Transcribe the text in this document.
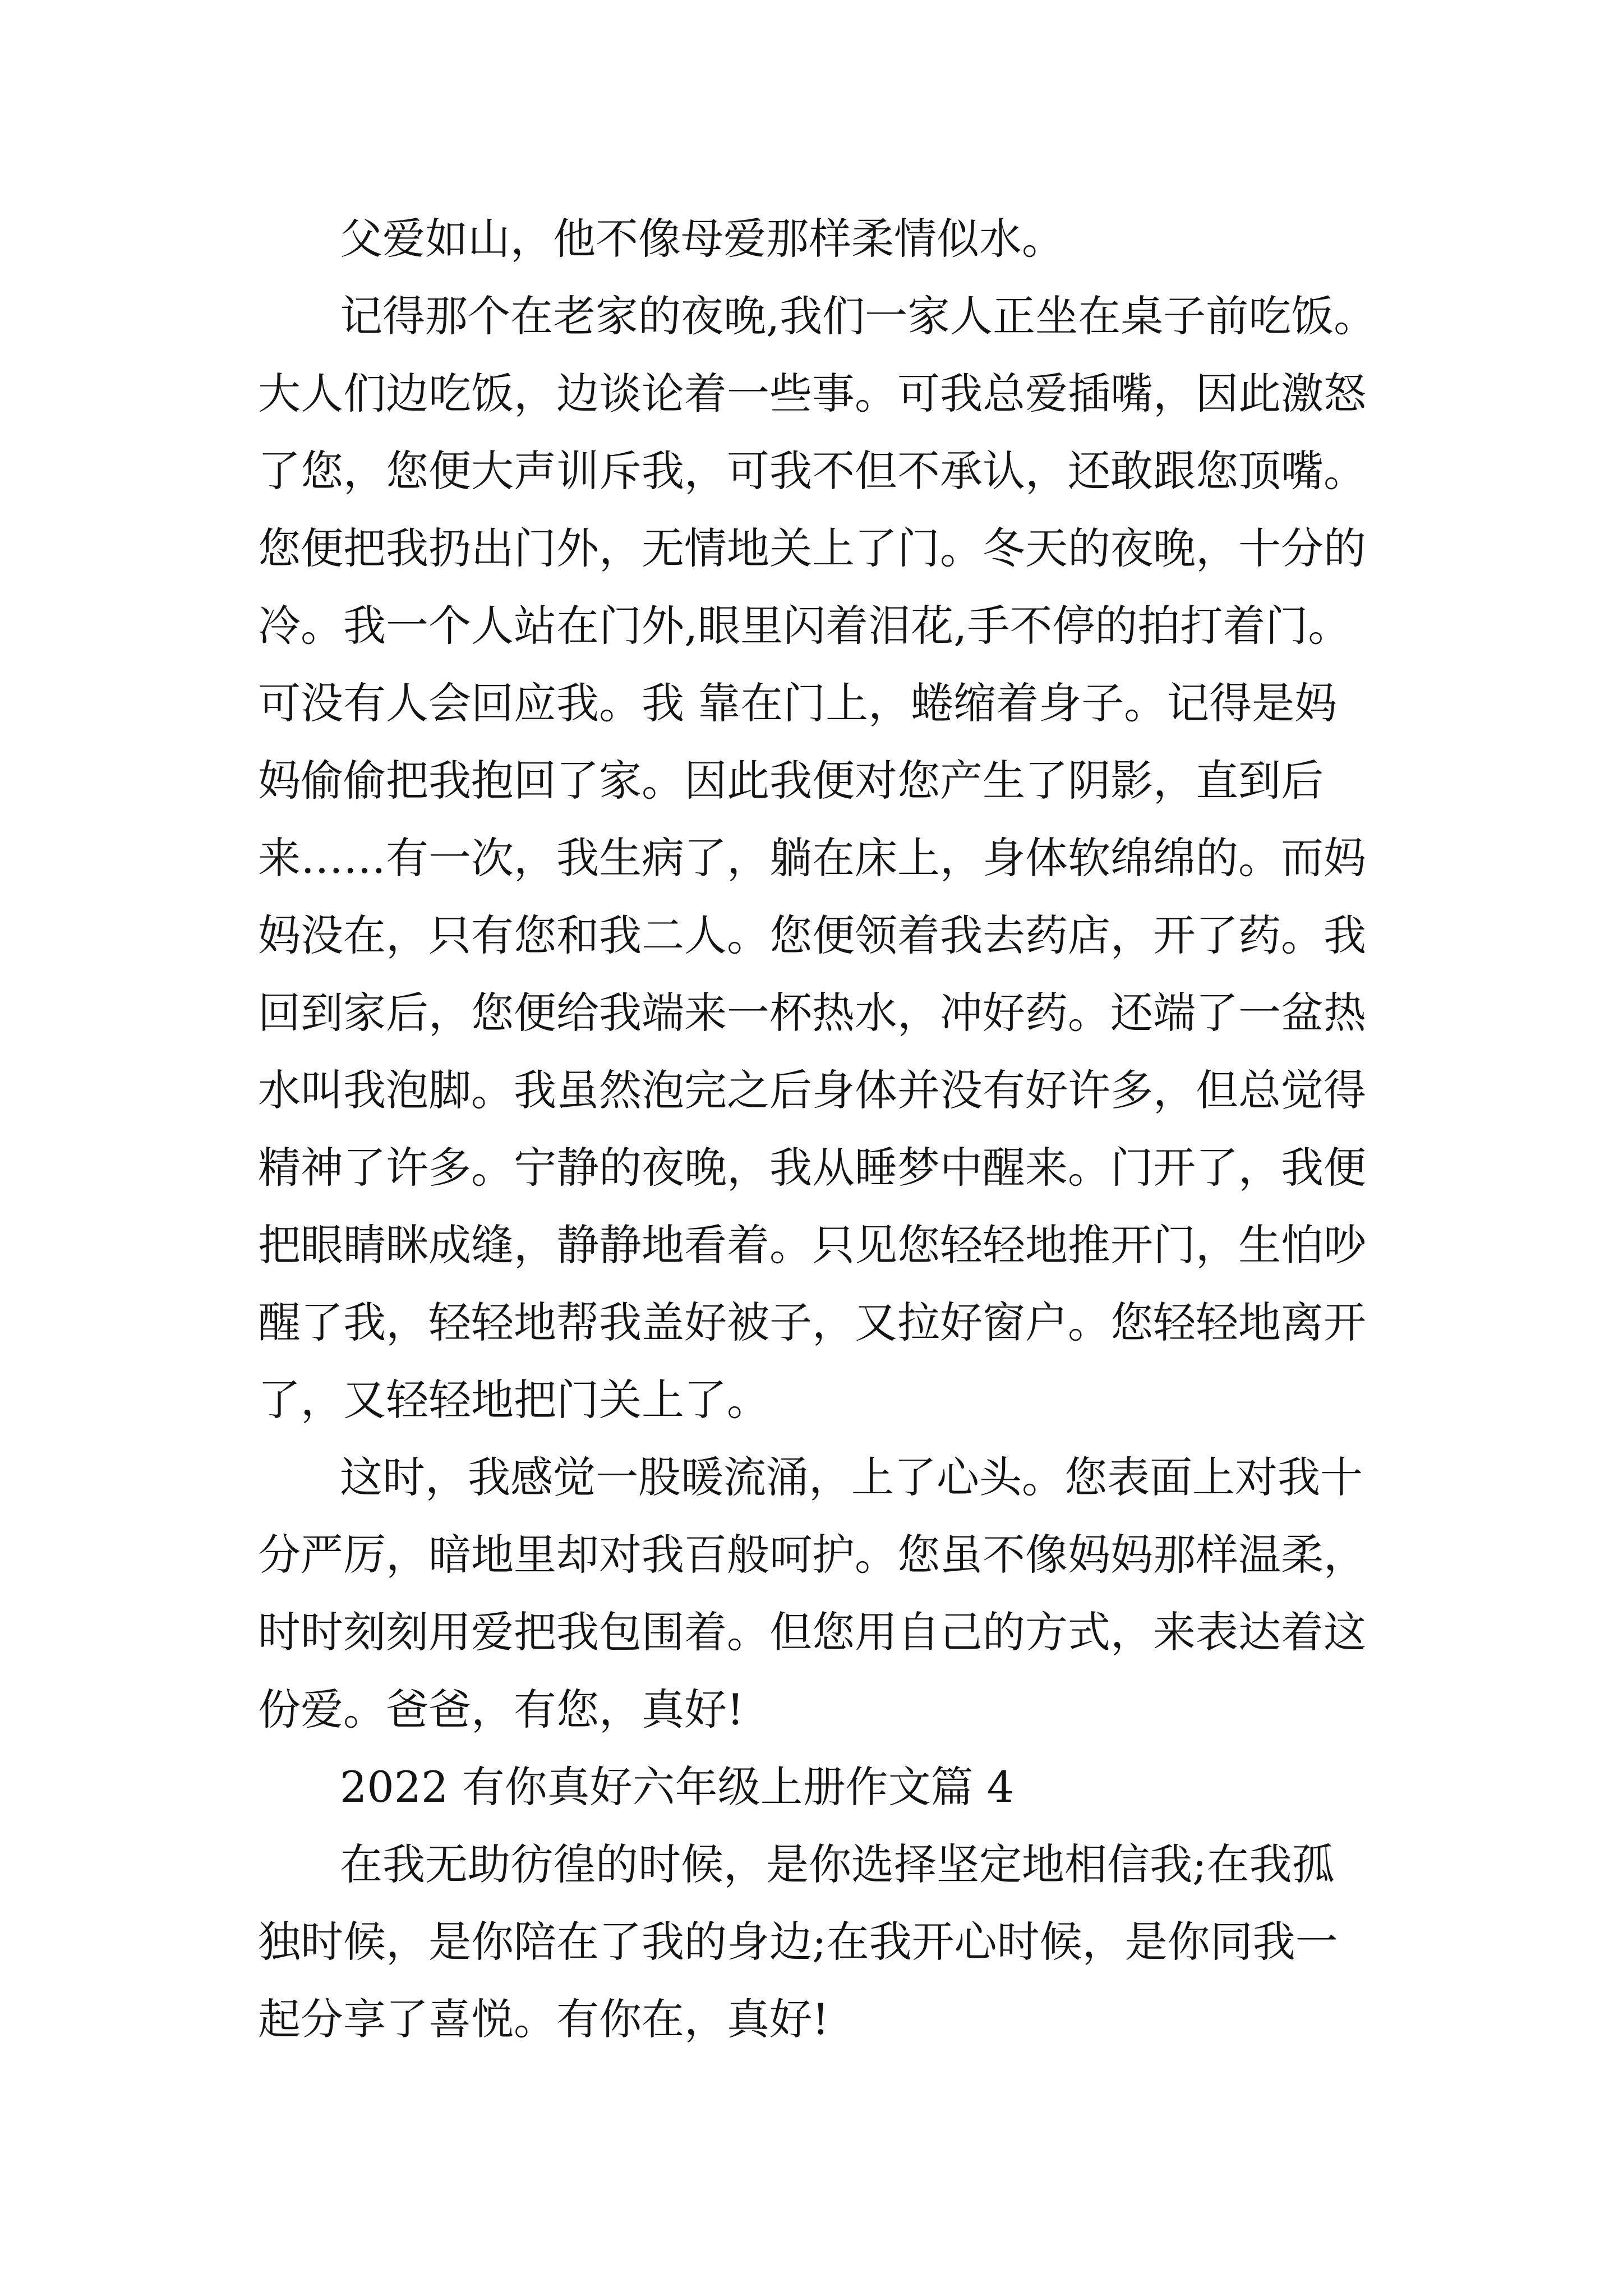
父爱如山，他不像母爱那样柔情似水。

记得那个在老家的夜晚,我们一家人正坐在桌子前吃饭。
大人们边吃饭，边谈论着一些事。可我总爱插嘴，因此激怒
了您，您便大声训斥我，可我不但不承认，还敢跟您顶嘴。
您便把我扔出门外，无情地关上了门。冬天的夜晚，十分的
冷。我一个人站在门外,眼里闪着泪花,手不停的拍打着门。
可没有人会回应我。我 靠在门上，蜷缩着身子。记得是妈
妈偷偷把我抱回了家。因此我便对您产生了阴影，直到后
来……有一次，我生病了，躺在床上，身体软绵绵的。而妈
妈没在，只有您和我二人。您便领着我去药店，开了药。我
回到家后，您便给我端来一杯热水，冲好药。还端了一盆热
水叫我泡脚。我虽然泡完之后身体并没有好许多，但总觉得
精神了许多。宁静的夜晚，我从睡梦中醒来。门开了，我便
把眼睛眯成缝，静静地看着。只见您轻轻地推开门，生怕吵
醒了我，轻轻地帮我盖好被子，又拉好窗户。您轻轻地离开
了，又轻轻地把门关上了。

这时，我感觉一股暖流涌，上了心头。您表面上对我十
分严厉，暗地里却对我百般呵护。您虽不像妈妈那样温柔，
时时刻刻用爱把我包围着。但您用自己的方式，来表达着这
份爱。爸爸，有您，真好!

2022 有你真好六年级上册作文篇 4

在我无助彷徨的时候，是你选择坚定地相信我;在我孤
独时候，是你陪在了我的身边;在我开心时候，是你同我一
起分享了喜悦。有你在，真好!
